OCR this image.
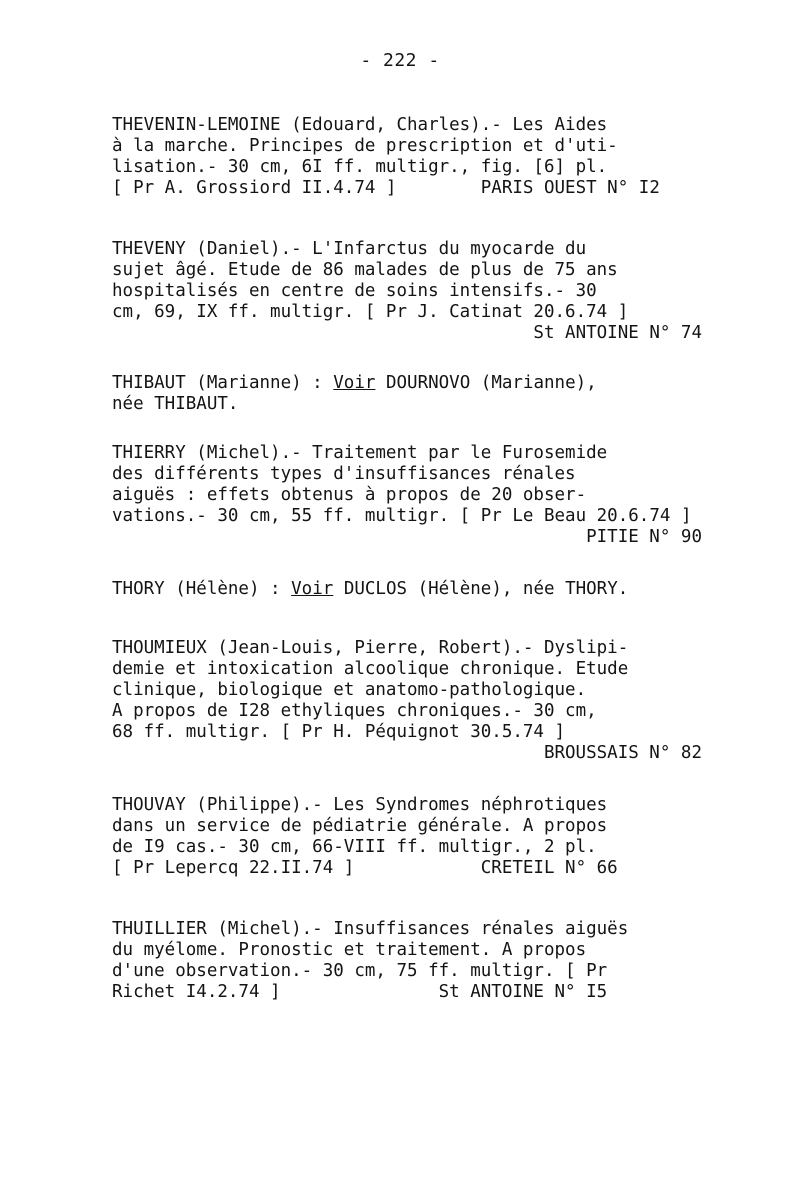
- 222 -
THEVENIN-LEMOINE (Edouard, Charles).- Les Aides
à la marche. Principes de prescription et d'uti-
lisation.- 30 cm, 6I ff. multigr., fig. [6] pl.
[ Pr A. Grossiord II.4.74 ]        PARIS OUEST N° I2
THEVENY (Daniel).- L'Infarctus du myocarde du
sujet âgé. Etude de 86 malades de plus de 75 ans
hospitalisés en centre de soins intensifs.- 30
cm, 69, IX ff. multigr. [ Pr J. Catinat 20.6.74 ]
St ANTOINE N° 74
THIBAUT (Marianne) : Voir DOURNOVO (Marianne),
née THIBAUT.
THIERRY (Michel).- Traitement par le Furosemide
des différents types d'insuffisances rénales
aiguës : effets obtenus à propos de 20 obser-
vations.- 30 cm, 55 ff. multigr. [ Pr Le Beau 20.6.74 ]
PITIE N° 90
THORY (Hélène) : Voir DUCLOS (Hélène), née THORY.
THOUMIEUX (Jean-Louis, Pierre, Robert).- Dyslipi-
demie et intoxication alcoolique chronique. Etude
clinique, biologique et anatomo-pathologique.
A propos de I28 ethyliques chroniques.- 30 cm,
68 ff. multigr. [ Pr H. Péquignot 30.5.74 ]
BROUSSAIS N° 82
THOUVAY (Philippe).- Les Syndromes néphrotiques
dans un service de pédiatrie générale. A propos
de I9 cas.- 30 cm, 66-VIII ff. multigr., 2 pl.
[ Pr Lepercq 22.II.74 ]            CRETEIL N° 66
THUILLIER (Michel).- Insuffisances rénales aiguës
du myélome. Pronostic et traitement. A propos
d'une observation.- 30 cm, 75 ff. multigr. [ Pr
Richet I4.2.74 ]               St ANTOINE N° I5
